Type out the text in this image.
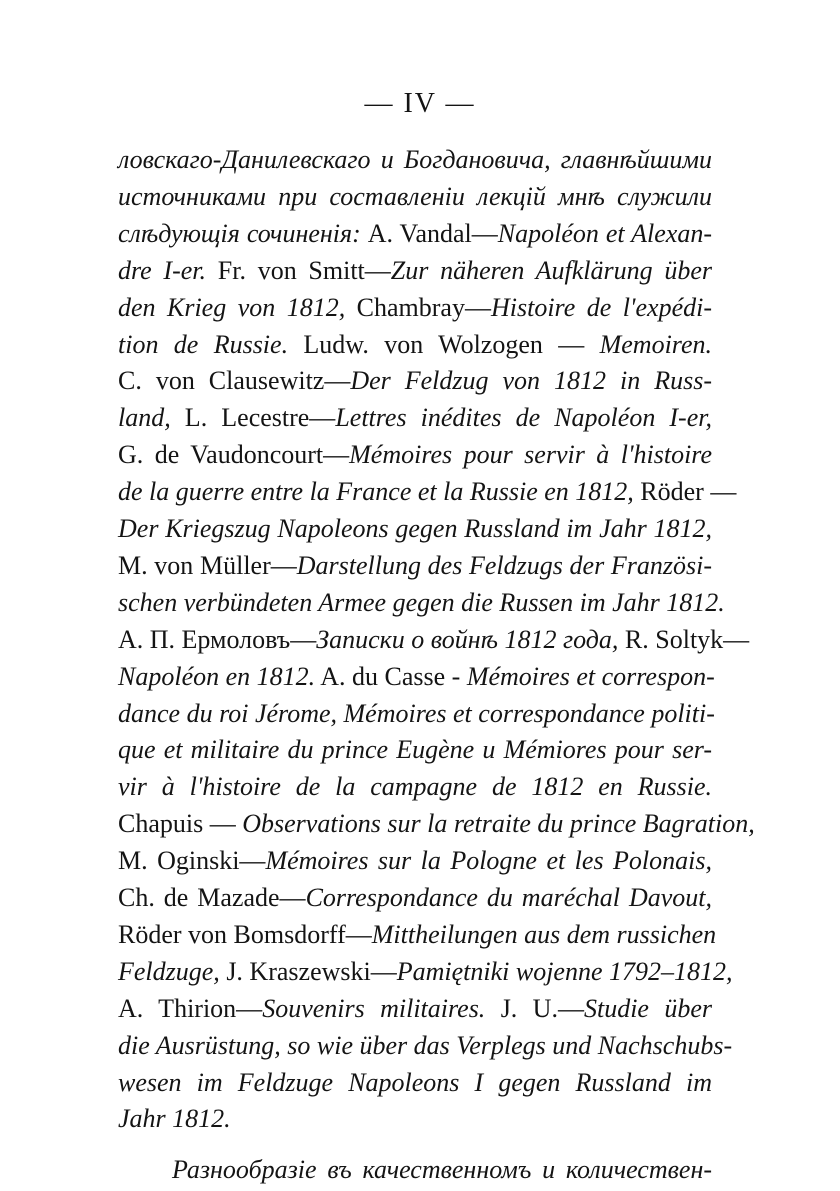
— IV —
ловскаго-Данилевскаго и Богдановича, главнѣйшими
источниками при составленіи лекцій мнѣ служили
слѣдующія сочиненія: A. Vandal—Napoléon et Alexan-
dre I-er. Fr. von Smitt—Zur näheren Aufklärung über
den Krieg von 1812, Chambray—Histoire de l'expédi-
tion de Russie. Ludw. von Wolzogen — Memoiren.
C. von Clausewitz—Der Feldzug von 1812 in Russ-
land, L. Lecestre—Lettres inédites de Napoléon I-er,
G. de Vaudoncourt—Mémoires pour servir à l'histoire
de la guerre entre la France et la Russie en 1812, Röder —
Der Kriegszug Napoleons gegen Russland im Jahr 1812,
M. von Müller—Darstellung des Feldzugs der Französi-
schen verbündeten Armee gegen die Russen im Jahr 1812.
A. П. Ермоловъ—Записки о войнѣ 1812 года, R. Soltyk—
Napoléon en 1812. A. du Casse - Mémoires et correspon-
dance du roi Jérome, Mémoires et correspondance politi-
que et militaire du prince Eugène и Mémiores pour ser-
vir à l'histoire de la campagne de 1812 en Russie.
Chapuis — Observations sur la retraite du prince Bagration,
M. Oginski—Mémoires sur la Pologne et les Polonais,
Ch. de Mazade—Correspondance du maréchal Davout,
Röder von Bomsdorff—Mittheilungen aus dem russichen
Feldzuge, J. Kraszewski—Pamiętniki wojenne 1792–1812,
A. Thirion—Souvenirs militaires. J. U.—Studie über
die Ausrüstung, so wie über das Verplegs und Nachschubs-
wesen im Feldzuge Napoleons I gegen Russland im
Jahr 1812.
Разнообразіе въ качественномъ и количествен-
